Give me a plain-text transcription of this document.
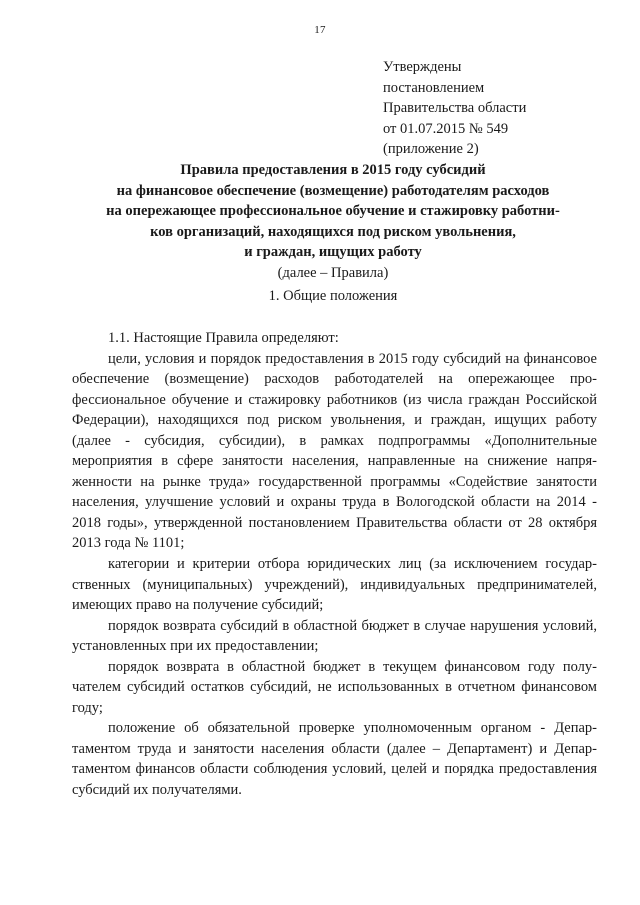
17
Утверждены
постановлением
Правительства области
от 01.07.2015 № 549
(приложение 2)
Правила предоставления в 2015 году субсидий
на финансовое обеспечение (возмещение) работодателям расходов
на опережающее профессиональное обучение и стажировку работни-
ков организаций, находящихся под риском увольнения,
и граждан, ищущих работу
(далее – Правила)
1. Общие положения

1.1. Настоящие Правила определяют:

цели, условия и порядок предоставления в 2015 году субсидий на финансовое обеспечение (возмещение) расходов работодателей на опережающее профессиональное обучение и стажировку работников (из числа граждан Российской Федерации), находящихся под риском увольнения, и граждан, ищущих работу (далее - субсидия, субсидии), в рамках подпрограммы «Дополнительные мероприятия в сфере занятости населения, направленные на снижение напряженности на рынке труда» государственной программы «Содействие занятости населения, улучшение условий и охраны труда в Вологодской области на 2014 - 2018 годы», утвержденной постановлением Правительства области от 28 октября 2013 года № 1101;

категории и критерии отбора юридических лиц (за исключением государственных (муниципальных) учреждений), индивидуальных предпринимателей, имеющих право на получение субсидий;

порядок возврата субсидий в областной бюджет в случае нарушения условий, установленных при их предоставлении;

порядок возврата в областной бюджет в текущем финансовом году получателем субсидий остатков субсидий, не использованных в отчетном финансовом году;

положение об обязательной проверке уполномоченным органом - Департаментом труда и занятости населения области (далее – Департамент) и Департаментом финансов области соблюдения условий, целей и порядка предоставления субсидий их получателями.
